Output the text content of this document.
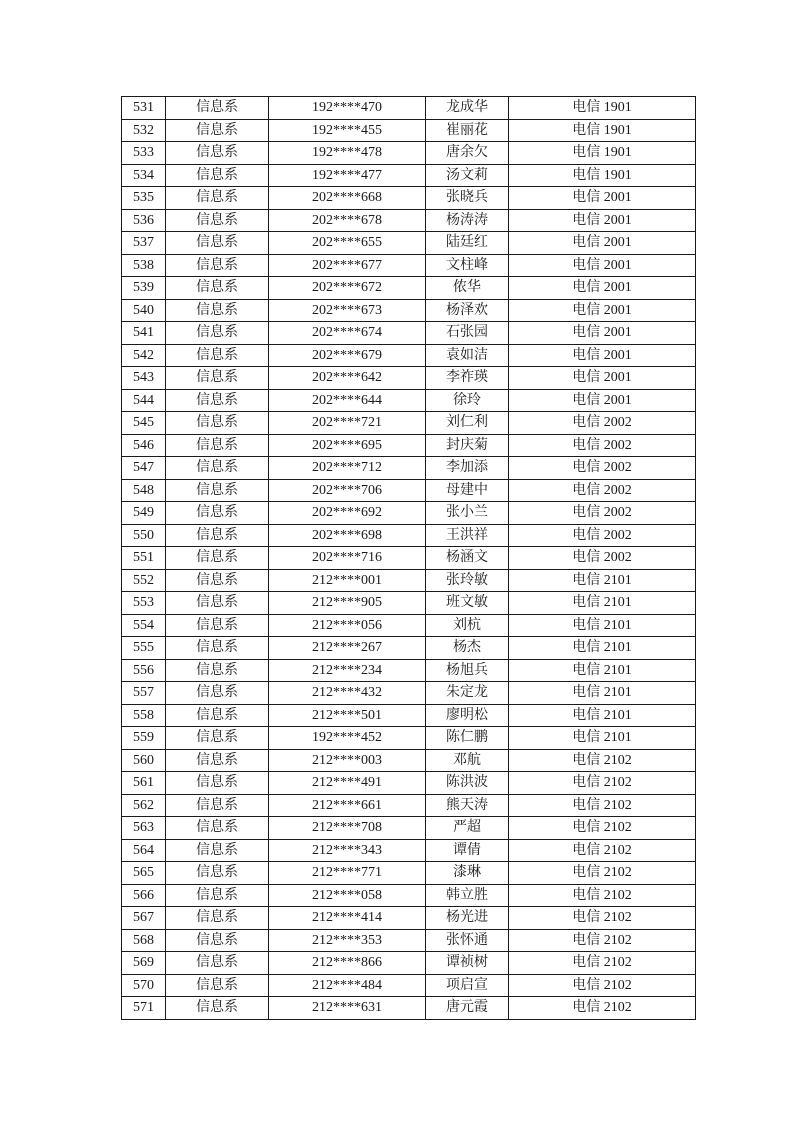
531	信息系	192****470	龙成华	电信 1901
532	信息系	192****455	崔丽花	电信 1901
533	信息系	192****478	唐余欠	电信 1901
534	信息系	192****477	汤文莉	电信 1901
535	信息系	202****668	张晓兵	电信 2001
536	信息系	202****678	杨涛涛	电信 2001
537	信息系	202****655	陆廷红	电信 2001
538	信息系	202****677	文柱峰	电信 2001
539	信息系	202****672	侬华	电信 2001
540	信息系	202****673	杨泽欢	电信 2001
541	信息系	202****674	石张园	电信 2001
542	信息系	202****679	袁如洁	电信 2001
543	信息系	202****642	李祚瑛	电信 2001
544	信息系	202****644	徐玲	电信 2001
545	信息系	202****721	刘仁利	电信 2002
546	信息系	202****695	封庆菊	电信 2002
547	信息系	202****712	李加添	电信 2002
548	信息系	202****706	母建中	电信 2002
549	信息系	202****692	张小兰	电信 2002
550	信息系	202****698	王洪祥	电信 2002
551	信息系	202****716	杨涵文	电信 2002
552	信息系	212****001	张玲敏	电信 2101
553	信息系	212****905	班文敏	电信 2101
554	信息系	212****056	刘杭	电信 2101
555	信息系	212****267	杨杰	电信 2101
556	信息系	212****234	杨旭兵	电信 2101
557	信息系	212****432	朱定龙	电信 2101
558	信息系	212****501	廖明松	电信 2101
559	信息系	192****452	陈仁鹏	电信 2101
560	信息系	212****003	邓航	电信 2102
561	信息系	212****491	陈洪波	电信 2102
562	信息系	212****661	熊天涛	电信 2102
563	信息系	212****708	严超	电信 2102
564	信息系	212****343	谭倩	电信 2102
565	信息系	212****771	漆琳	电信 2102
566	信息系	212****058	韩立胜	电信 2102
567	信息系	212****414	杨光进	电信 2102
568	信息系	212****353	张怀通	电信 2102
569	信息系	212****866	谭祯树	电信 2102
570	信息系	212****484	项启宣	电信 2102
571	信息系	212****631	唐元霞	电信 2102
